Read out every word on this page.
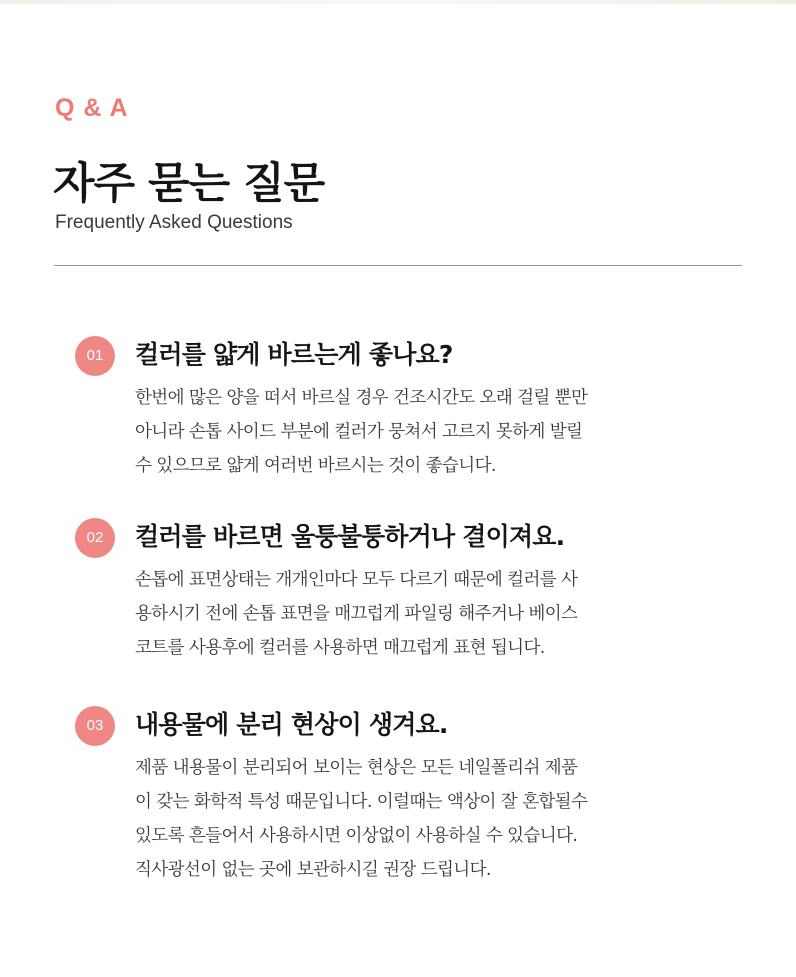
Q & A
자주 묻는 질문
Frequently Asked Questions
01	컬러를 얇게 바르는게 좋나요?
한번에 많은 양을 떠서 바르실 경우 건조시간도 오래 걸릴 뿐만
아니라 손톱 사이드 부분에 컬러가 뭉쳐서 고르지 못하게 발릴
수 있으므로 얇게 여러번 바르시는 것이 좋습니다.
02	컬러를 바르면 울퉁불퉁하거나 결이져요.
손톱에 표면상태는 개개인마다 모두 다르기 때문에 컬러를 사
용하시기 전에 손톱 표면을 매끄럽게 파일링 해주거나 베이스
코트를 사용후에 컬러를 사용하면 매끄럽게 표현 됩니다.
03	내용물에 분리 현상이 생겨요.
제품 내용물이 분리되어 보이는 현상은 모든 네일폴리쉬 제품
이 갖는 화학적 특성 때문입니다. 이럴때는 액상이 잘 혼합될수
있도록 흔들어서 사용하시면 이상없이 사용하실 수 있습니다.
직사광선이 없는 곳에 보관하시길 권장 드립니다.
